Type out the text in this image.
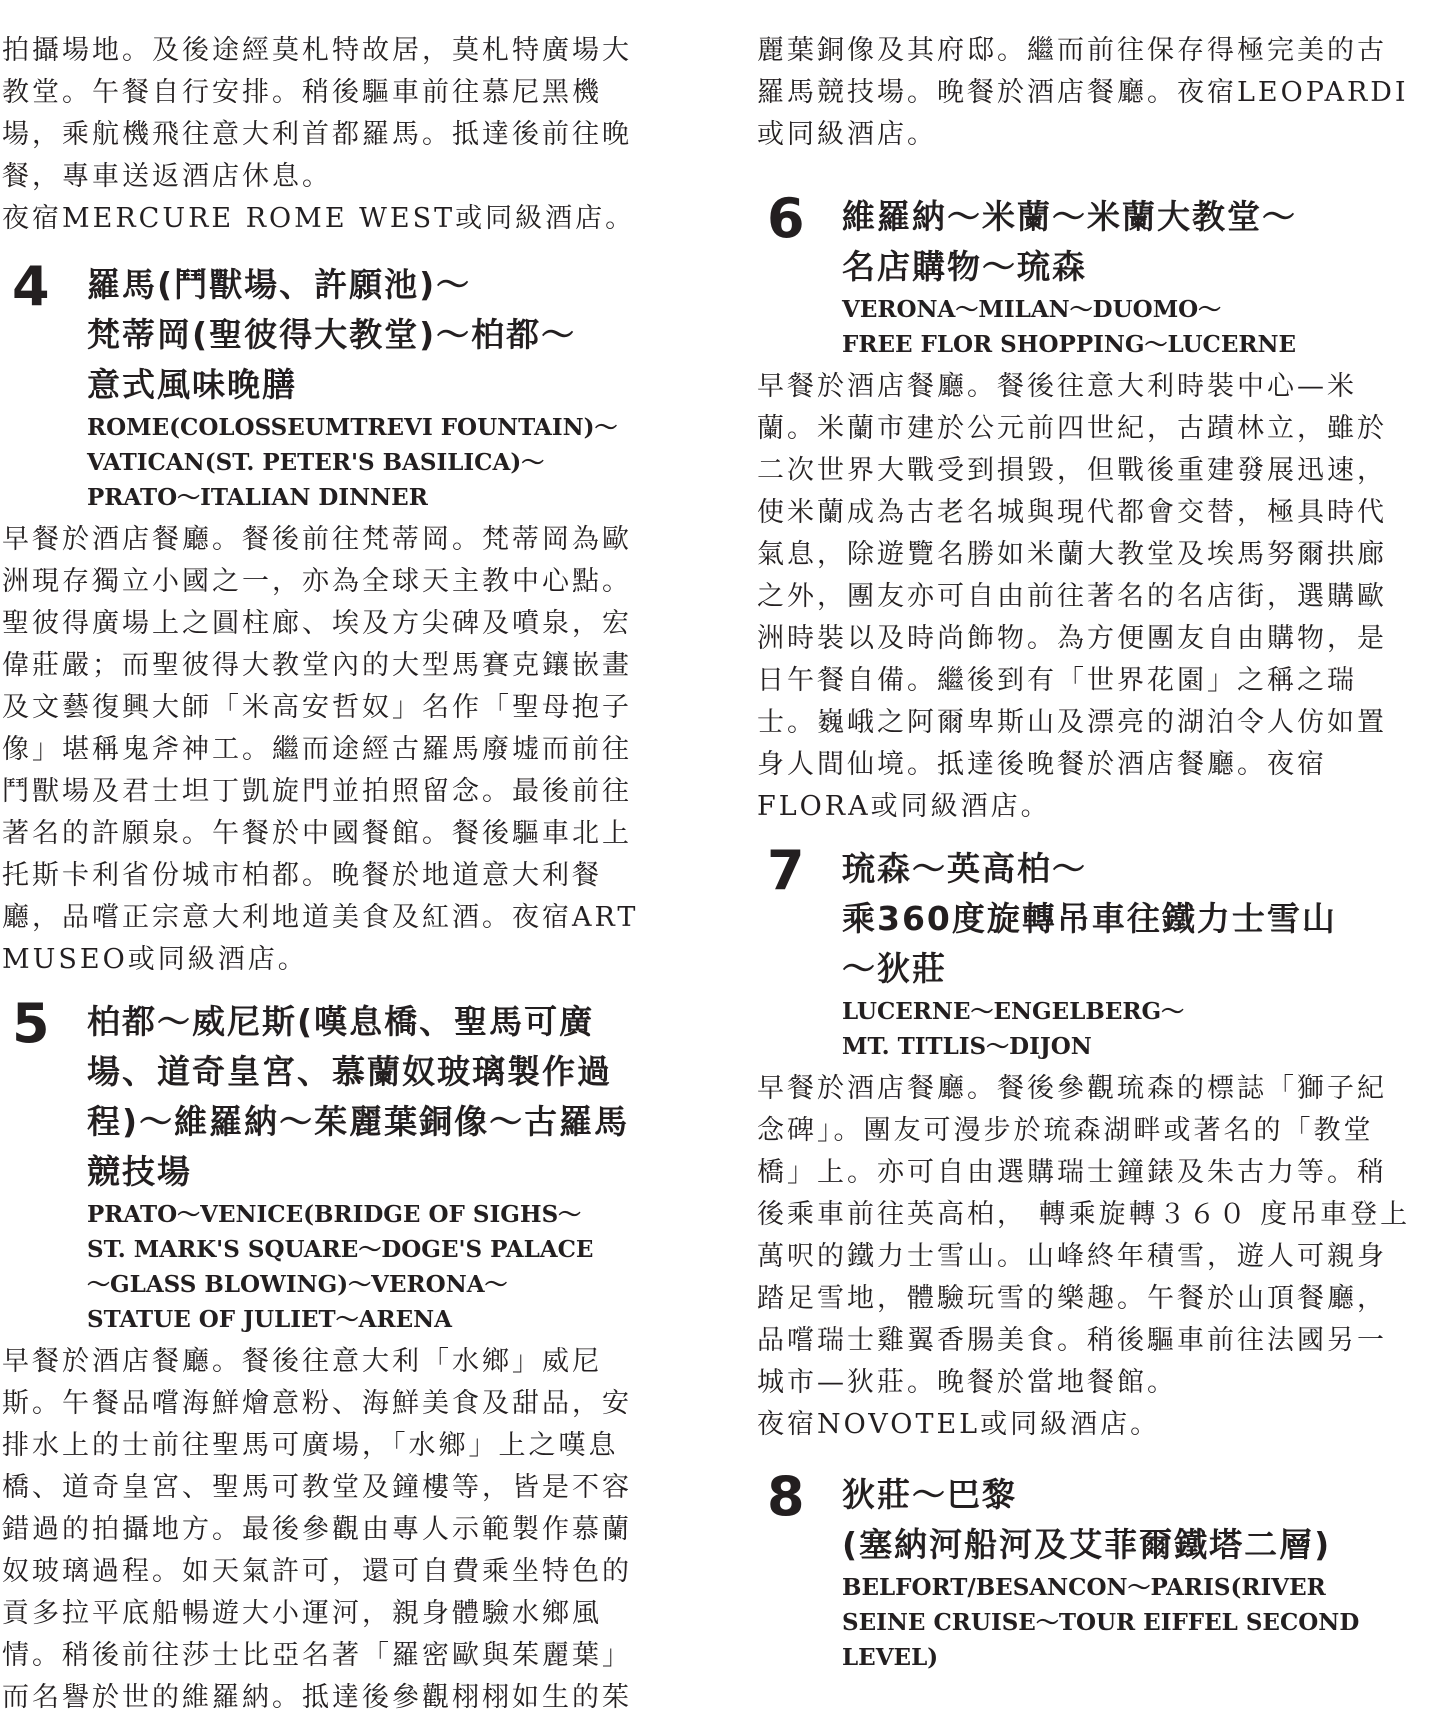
拍攝場地。及後途經莫札特故居，莫札特廣場大
教堂。午餐自行安排。稍後驅車前往慕尼黑機
場，乘航機飛往意大利首都羅馬。抵達後前往晚
餐，專車送返酒店休息。
夜宿MERCURE ROME WEST或同級酒店。

4 羅馬(鬥獸場、許願池)～
梵蒂岡(聖彼得大教堂)～柏都～
意式風味晚膳

ROME(COLOSSEUMTREVI FOUNTAIN)～
VATICAN(ST. PETER'S BASILICA)～
PRATO～ITALIAN DINNER

早餐於酒店餐廳。餐後前往梵蒂岡。梵蒂岡為歐
洲現存獨立小國之一，亦為全球天主教中心點。
聖彼得廣場上之圓柱廊、埃及方尖碑及噴泉，宏
偉莊嚴；而聖彼得大教堂內的大型馬賽克鑲嵌畫
及文藝復興大師「米高安哲奴」名作「聖母抱子
像」堪稱鬼斧神工。繼而途經古羅馬廢墟而前往
鬥獸場及君士坦丁凱旋門並拍照留念。最後前往
著名的許願泉。午餐於中國餐館。餐後驅車北上
托斯卡利省份城市柏都。晚餐於地道意大利餐
廳，品嚐正宗意大利地道美食及紅酒。夜宿ART
MUSEO或同級酒店。

5 柏都～威尼斯(嘆息橋、聖馬可廣
場、道奇皇宮、慕蘭奴玻璃製作過
程)～維羅納～茱麗葉銅像～古羅馬
競技場

PRATO～VENICE(BRIDGE OF SIGHS～
ST. MARK'S SQUARE～DOGE'S PALACE
～GLASS BLOWING)～VERONA～
STATUE OF JULIET～ARENA

早餐於酒店餐廳。餐後往意大利「水鄉」威尼
斯。午餐品嚐海鮮燴意粉、海鮮美食及甜品，安
排水上的士前往聖馬可廣場，「水鄉」上之嘆息
橋、道奇皇宮、聖馬可教堂及鐘樓等，皆是不容
錯過的拍攝地方。最後參觀由專人示範製作慕蘭
奴玻璃過程。如天氣許可，還可自費乘坐特色的
貢多拉平底船暢遊大小運河，親身體驗水鄉風
情。稍後前往莎士比亞名著「羅密歐與茱麗葉」
而名譽於世的維羅納。抵達後參觀栩栩如生的茱

麗葉銅像及其府邸。繼而前往保存得極完美的古
羅馬競技場。晚餐於酒店餐廳。夜宿LEOPARDI
或同級酒店。

6 維羅納～米蘭～米蘭大教堂～
名店購物～琉森

VERONA～MILAN～DUOMO～
FREE FLOR SHOPPING～LUCERNE

早餐於酒店餐廳。餐後往意大利時裝中心—米
蘭。米蘭市建於公元前四世紀，古蹟林立，雖於
二次世界大戰受到損毀，但戰後重建發展迅速，
使米蘭成為古老名城與現代都會交替，極具時代
氣息，除遊覽名勝如米蘭大教堂及埃馬努爾拱廊
之外，團友亦可自由前往著名的名店街，選購歐
洲時裝以及時尚飾物。為方便團友自由購物，是
日午餐自備。繼後到有「世界花園」之稱之瑞
士。巍峨之阿爾卑斯山及漂亮的湖泊令人仿如置
身人間仙境。抵達後晚餐於酒店餐廳。夜宿
FLORA或同級酒店。

7 琉森～英高柏～
乘360度旋轉吊車往鐵力士雪山
～狄莊

LUCERNE～ENGELBERG～
MT. TITLIS～DIJON

早餐於酒店餐廳。餐後參觀琉森的標誌「獅子紀
念碑」。團友可漫步於琉森湖畔或著名的「教堂
橋」上。亦可自由選購瑞士鐘錶及朱古力等。稍
後乘車前往英高柏， 轉乘旋轉３６０ 度吊車登上
萬呎的鐵力士雪山。山峰終年積雪，遊人可親身
踏足雪地，體驗玩雪的樂趣。午餐於山頂餐廳，
品嚐瑞士雞翼香腸美食。稍後驅車前往法國另一
城市—狄莊。晚餐於當地餐館。
夜宿NOVOTEL或同級酒店。

8 狄莊～巴黎
(塞納河船河及艾菲爾鐵塔二層)

BELFORT/BESANCON～PARIS(RIVER
SEINE CRUISE～TOUR EIFFEL SECOND
LEVEL)
